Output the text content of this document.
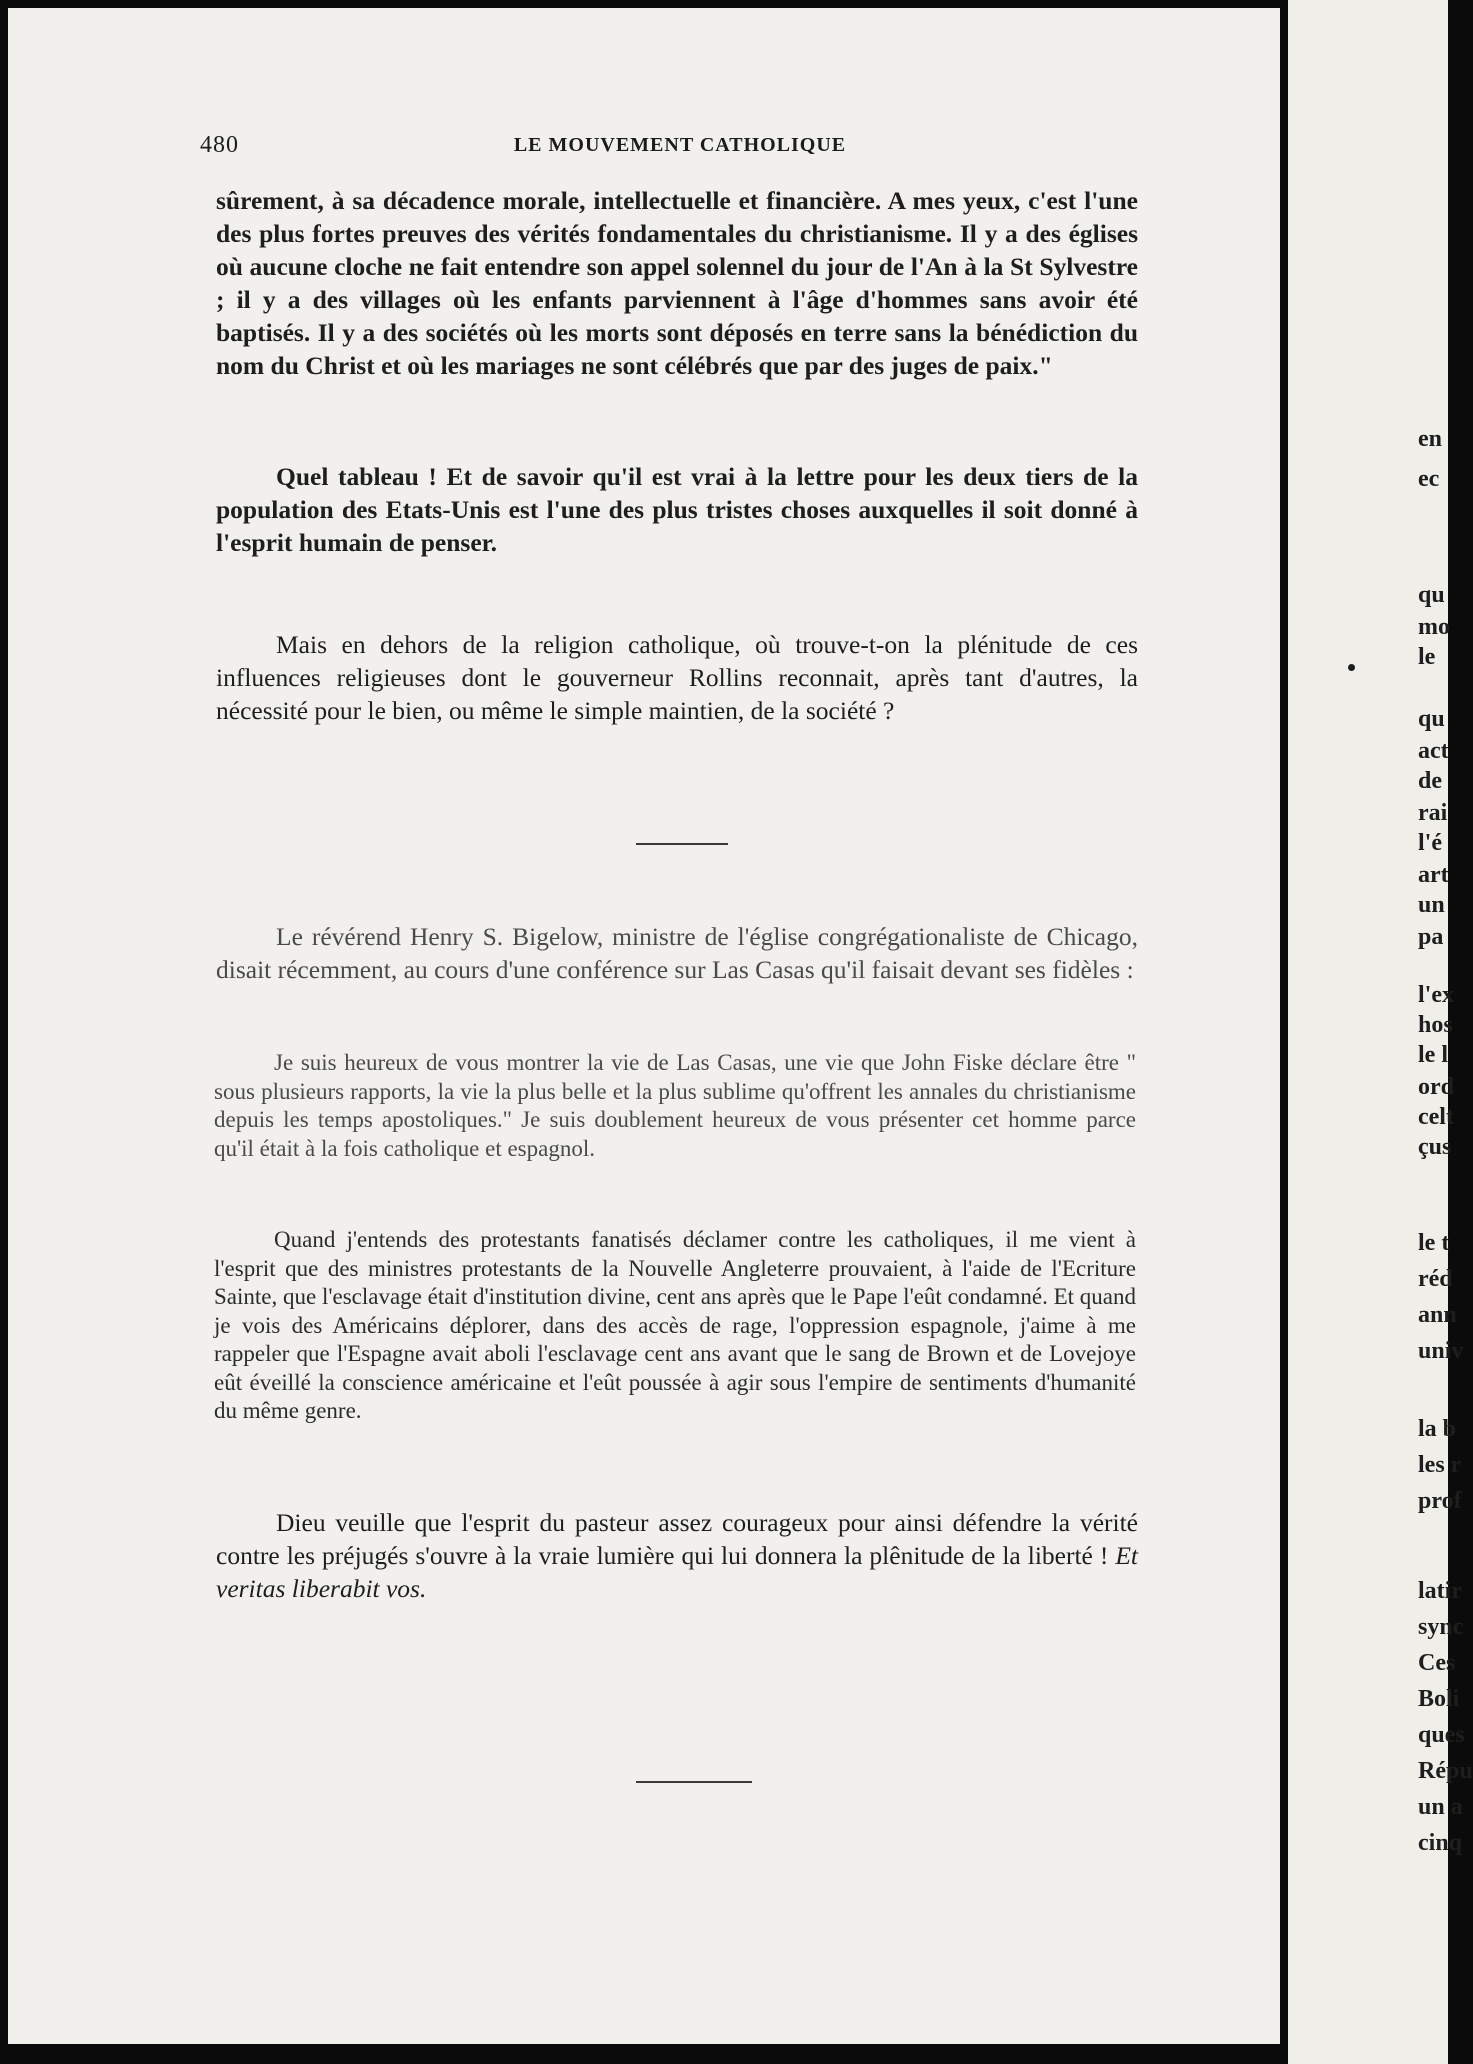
480	LE MOUVEMENT CATHOLIQUE

sûrement, à sa décadence morale, intellectuelle et financière. A mes yeux, c'est l'une des plus fortes preuves des vérités fondamentales du christianisme. Il y a des églises où aucune cloche ne fait entendre son appel solennel du jour de l'An à la St Sylvestre ; il y a des villages où les enfants parviennent à l'âge d'hommes sans avoir été baptisés. Il y a des sociétés où les morts sont déposés en terre sans la bénédiction du nom du Christ et où les mariages ne sont célébrés que par des juges de paix."

Quel tableau ! Et de savoir qu'il est vrai à la lettre pour les deux tiers de la population des Etats-Unis est l'une des plus tristes choses auxquelles il soit donné à l'esprit humain de penser.

Mais en dehors de la religion catholique, où trouve-t-on la plénitude de ces influences religieuses dont le gouverneur Rollins reconnait, après tant d'autres, la nécessité pour le bien, ou même le simple maintien, de la société ?

Le révérend Henry S. Bigelow, ministre de l'église congrégationaliste de Chicago, disait récemment, au cours d'une conférence sur Las Casas qu'il faisait devant ses fidèles :

Je suis heureux de vous montrer la vie de Las Casas, une vie que John Fiske déclare être " sous plusieurs rapports, la vie la plus belle et la plus sublime qu'offrent les annales du christianisme depuis les temps apostoliques." Je suis doublement heureux de vous présenter cet homme parce qu'il était à la fois catholique et espagnol.

Quand j'entends des protestants fanatisés déclamer contre les catholiques, il me vient à l'esprit que des ministres protestants de la Nouvelle Angleterre prouvaient, à l'aide de l'Ecriture Sainte, que l'esclavage était d'institution divine, cent ans après que le Pape l'eût condamné. Et quand je vois des Américains déplorer, dans des accès de rage, l'oppression espagnole, j'aime à me rappeler que l'Espagne avait aboli l'esclavage cent ans avant que le sang de Brown et de Lovejoye eût éveillé la conscience américaine et l'eût poussée à agir sous l'empire de sentiments d'humanité du même genre.

Dieu veuille que l'esprit du pasteur assez courageux pour ainsi défendre la vérité contre les préjugés s'ouvre à la vraie lumière qui lui donnera la plênitude de la liberté ! Et veritas liberabit vos.

en
ec
qu
mo
le
qu
act
de
rai
l'é
art
un
pa
l'ex
hos
le l
ord
celt
çus
le t
réd
ann
univ
la b
les r
prof
latir
sync
Ces
Boli
ques
Répu
un a
cinq
